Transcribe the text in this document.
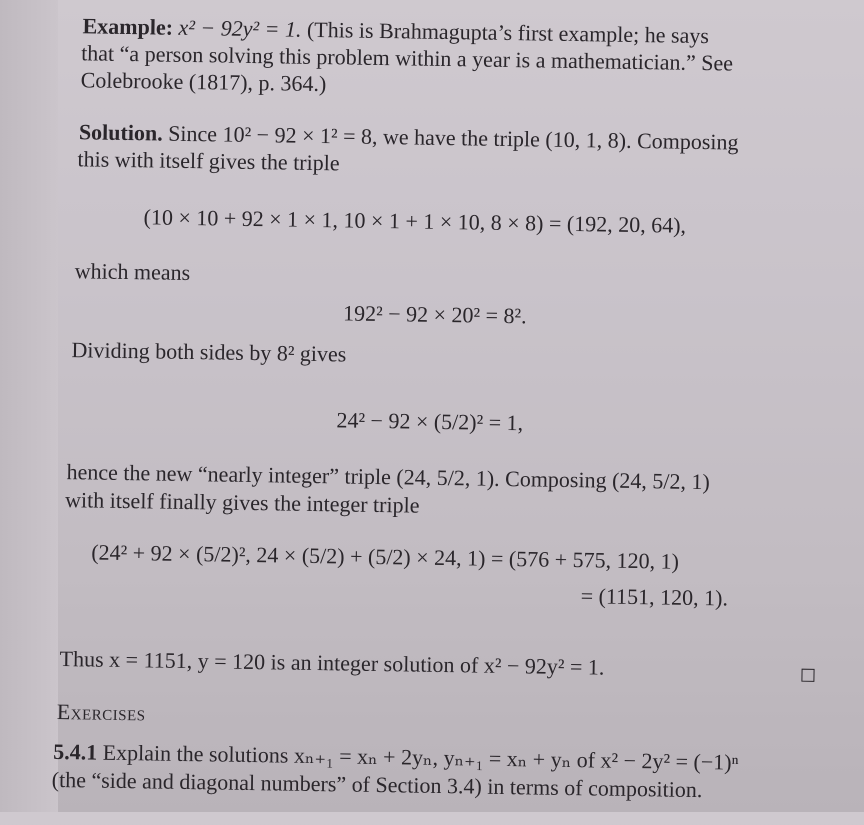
Example: x² − 92y² = 1. (This is Brahmagupta’s first example; he says
that “a person solving this problem within a year is a mathematician.” See
Colebrooke (1817), p. 364.)
Solution. Since 10² − 92 × 1² = 8, we have the triple (10, 1, 8). Composing
this with itself gives the triple
(10 × 10 + 92 × 1 × 1, 10 × 1 + 1 × 10, 8 × 8) = (192, 20, 64),
which means
192² − 92 × 20² = 8².
Dividing both sides by 8² gives
24² − 92 × (5/2)² = 1,
hence the new “nearly integer” triple (24, 5/2, 1). Composing (24, 5/2, 1)
with itself finally gives the integer triple
(24² + 92 × (5/2)², 24 × (5/2) + (5/2) × 24, 1) = (576 + 575, 120, 1)
= (1151, 120, 1).
Thus x = 1151, y = 120 is an integer solution of x² − 92y² = 1.
Exercises
5.4.1 Explain the solutions xₙ₊₁ = xₙ + 2yₙ, yₙ₊₁ = xₙ + yₙ of x² − 2y² = (−1)ⁿ
(the “side and diagonal numbers” of Section 3.4) in terms of composition.
